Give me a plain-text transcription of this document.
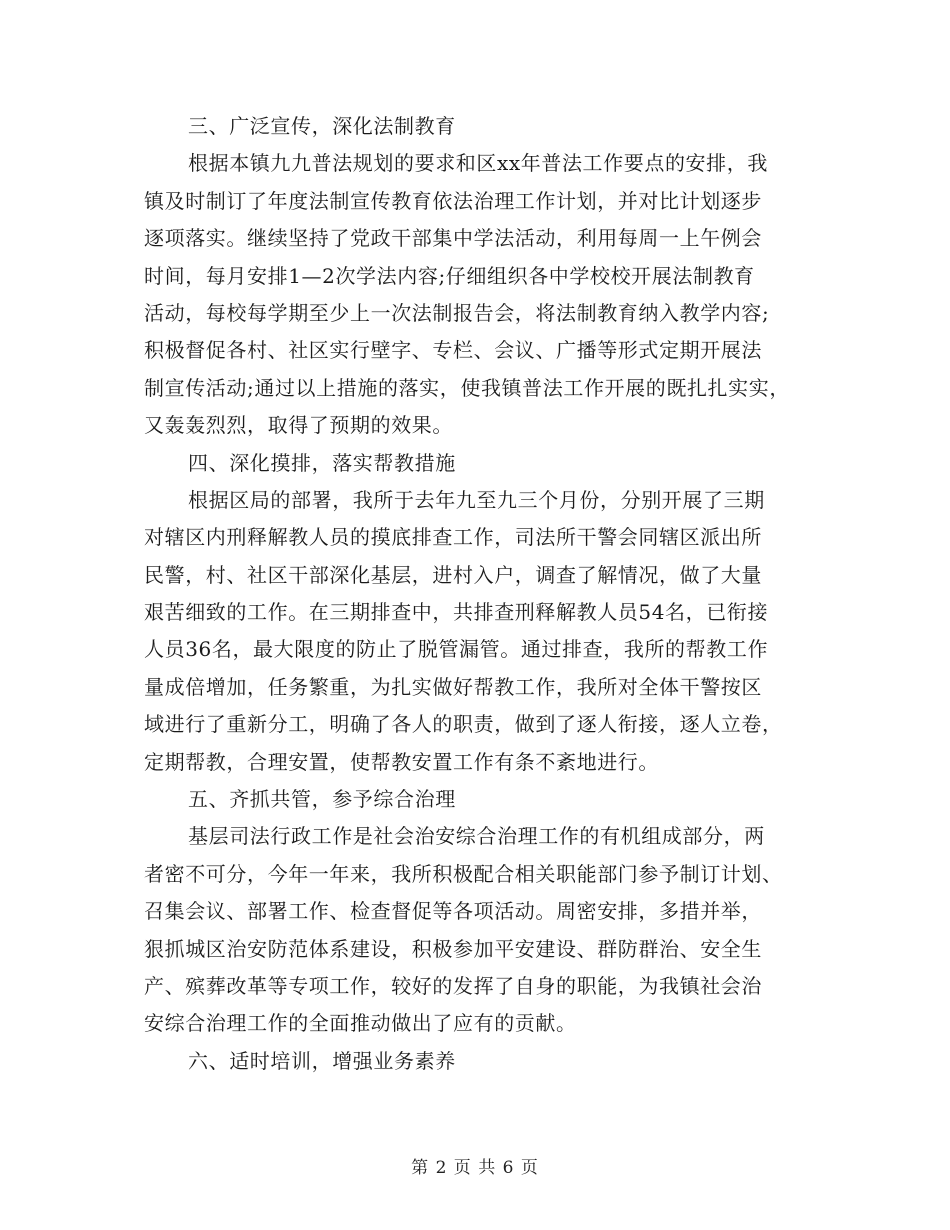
三、广泛宣传，深化法制教育
根据本镇九九普法规划的要求和区xx年普法工作要点的安排，我
镇及时制订了年度法制宣传教育依法治理工作计划，并对比计划逐步
逐项落实。继续坚持了党政干部集中学法活动，利用每周一上午例会
时间，每月安排1—2次学法内容;仔细组织各中学校校开展法制教育
活动，每校每学期至少上一次法制报告会，将法制教育纳入教学内容;
积极督促各村、社区实行壁字、专栏、会议、广播等形式定期开展法
制宣传活动;通过以上措施的落实，使我镇普法工作开展的既扎扎实实，
又轰轰烈烈，取得了预期的效果。
四、深化摸排，落实帮教措施
根据区局的部署，我所于去年九至九三个月份，分别开展了三期
对辖区内刑释解教人员的摸底排查工作，司法所干警会同辖区派出所
民警，村、社区干部深化基层，进村入户，调查了解情况，做了大量
艰苦细致的工作。在三期排查中，共排查刑释解教人员54名，已衔接
人员36名，最大限度的防止了脱管漏管。通过排查，我所的帮教工作
量成倍增加，任务繁重，为扎实做好帮教工作，我所对全体干警按区
域进行了重新分工，明确了各人的职责，做到了逐人衔接，逐人立卷，
定期帮教，合理安置，使帮教安置工作有条不紊地进行。
五、齐抓共管，参予综合治理
基层司法行政工作是社会治安综合治理工作的有机组成部分，两
者密不可分，今年一年来，我所积极配合相关职能部门参予制订计划、
召集会议、部署工作、检查督促等各项活动。周密安排，多措并举，
狠抓城区治安防范体系建设，积极参加平安建设、群防群治、安全生
产、殡葬改革等专项工作，较好的发挥了自身的职能，为我镇社会治
安综合治理工作的全面推动做出了应有的贡献。
六、适时培训，增强业务素养
第 2 页 共 6 页
